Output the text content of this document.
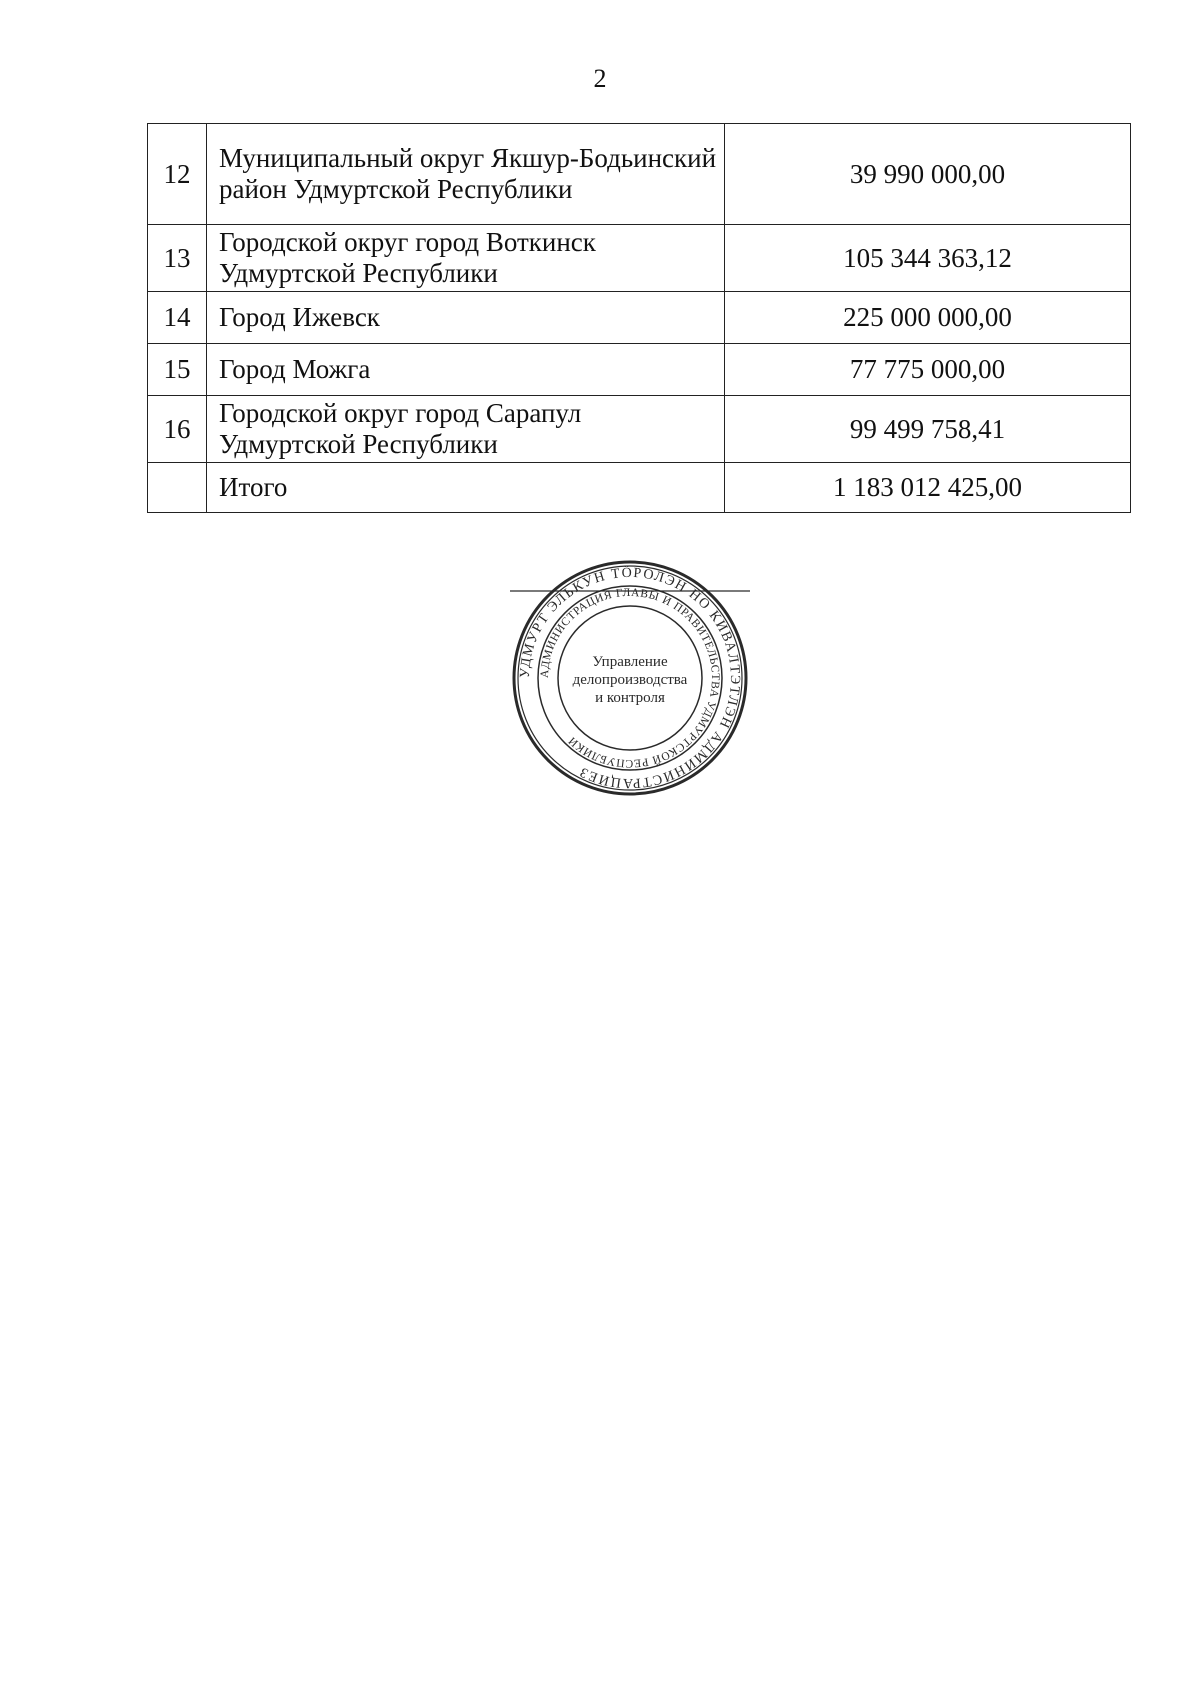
2
12	Муниципальный округ Якшур-Бодьинский район Удмуртской Республики	39 990 000,00
13	Городской округ город Воткинск Удмуртской Республики	105 344 363,12
14	Город Ижевск	225 000 000,00
15	Город Можга	77 775 000,00
16	Городской округ город Сарапул Удмуртской Республики	99 499 758,41
	Итого	1 183 012 425,00
УДМУРТ ЭЛЬКУН ТӦРОЛЭН НО КИВАЛТЭТЛЭН АДМИНИСТРАЦИЕЗ
АДМИНИСТРАЦИЯ ГЛАВЫ И ПРАВИТЕЛЬСТВА УДМУРТСКОЙ РЕСПУБЛИКИ
Управление
делопроизводства
и контроля
